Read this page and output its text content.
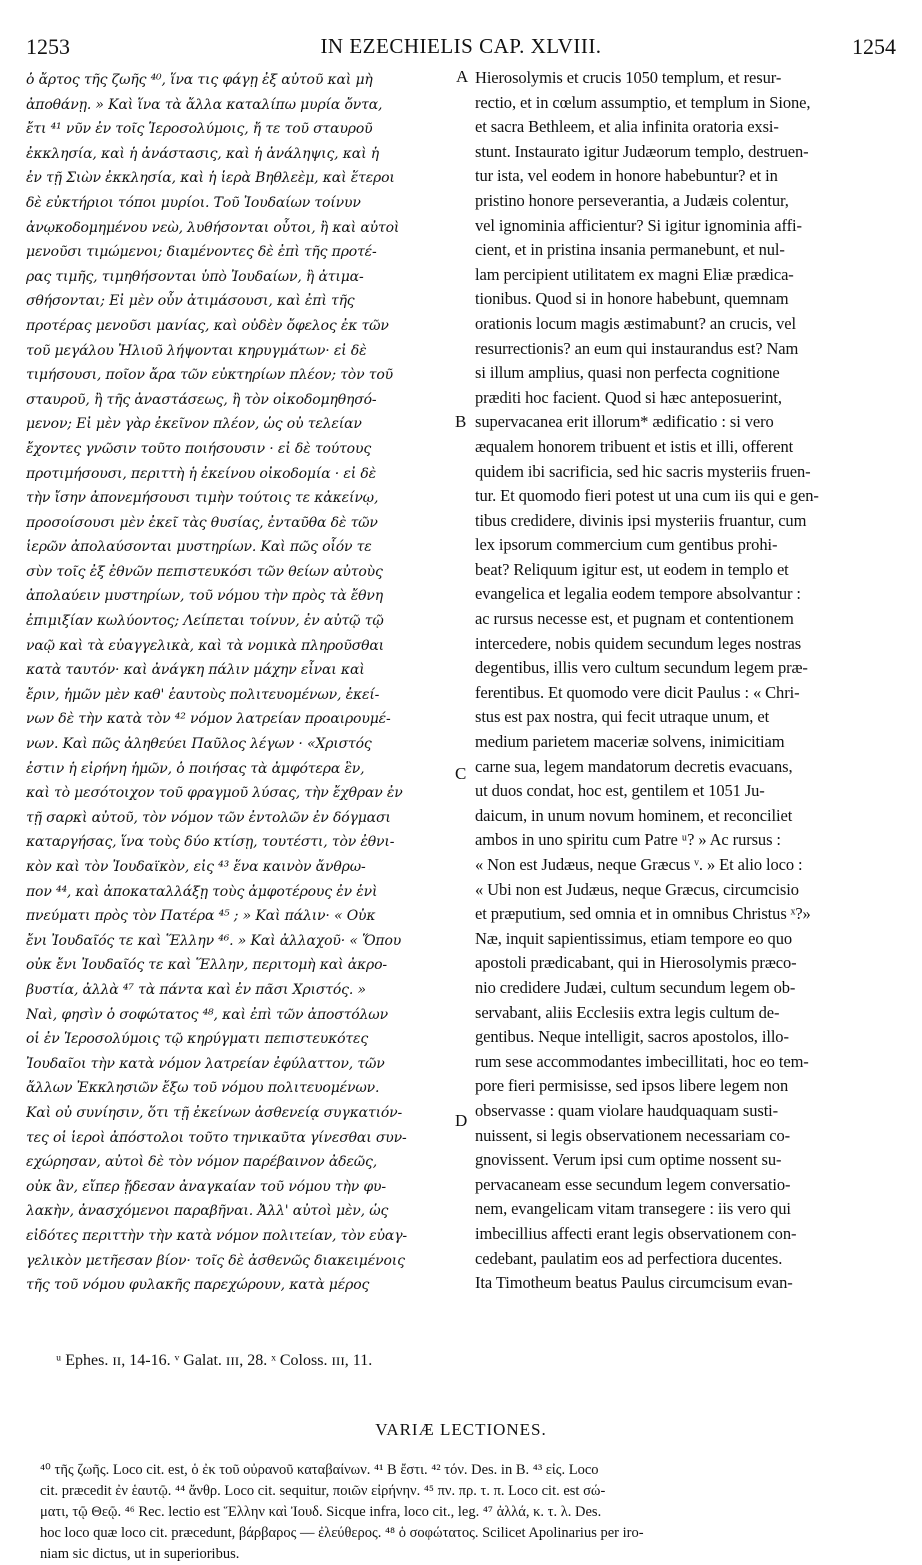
1253	IN EZECHIELIS CAP. XLVIII.	1254
ὁ ἄρτος τῆς ζωῆς ⁴⁰, ἵνα τις φάγῃ ἐξ αὐτοῦ καὶ μὴ
ἀποθάνῃ. » Καὶ ἵνα τὰ ἄλλα καταλίπω μυρία ὄντα,
ἔτι ⁴¹ νῦν ἐν τοῖς Ἱεροσολύμοις, ἤ τε τοῦ σταυροῦ
ἐκκλησία, καὶ ἡ ἀνάστασις, καὶ ἡ ἀνάληψις, καὶ ἡ
ἐν τῇ Σιὼν ἐκκλησία, καὶ ἡ ἱερὰ Βηθλεὲμ, καὶ ἕτεροι
δὲ εὐκτήριοι τόποι μυρίοι. Τοῦ Ἰουδαίων τοίνυν
ἀνῳκοδομημένου νεὼ, λυθήσονται οὗτοι, ἢ καὶ αὐτοὶ
μενοῦσι τιμώμενοι; διαμένοντες δὲ ἐπὶ τῆς προτέ-
ρας τιμῆς, τιμηθήσονται ὑπὸ Ἰουδαίων, ἢ ἀτιμα-
σθήσονται; Εἰ μὲν οὖν ἀτιμάσουσι, καὶ ἐπὶ τῆς
προτέρας μενοῦσι μανίας, καὶ οὐδὲν ὄφελος ἐκ τῶν
τοῦ μεγάλου Ἠλιοῦ λήψονται κηρυγμάτων· εἰ δὲ
τιμήσουσι, ποῖον ἄρα τῶν εὐκτηρίων πλέον; τὸν τοῦ
σταυροῦ, ἢ τῆς ἀναστάσεως, ἢ τὸν οἰκοδομηθησό-
μενον; Εἰ μὲν γὰρ ἐκεῖνον πλέον, ὡς οὐ τελείαν
ἔχοντες γνῶσιν τοῦτο ποιήσουσιν · εἰ δὲ τούτους
προτιμήσουσι, περιττὴ ἡ ἐκείνου οἰκοδομία · εἰ δὲ
τὴν ἴσην ἀπονεμήσουσι τιμὴν τούτοις τε κἀκείνῳ,
προσοίσουσι μὲν ἐκεῖ τὰς θυσίας, ἐνταῦθα δὲ τῶν
ἱερῶν ἀπολαύσονται μυστηρίων. Καὶ πῶς οἷόν τε
σὺν τοῖς ἐξ ἐθνῶν πεπιστευκόσι τῶν θείων αὐτοὺς
ἀπολαύειν μυστηρίων, τοῦ νόμου τὴν πρὸς τὰ ἔθνη
ἐπιμιξίαν κωλύοντος; Λείπεται τοίνυν, ἐν αὐτῷ τῷ
ναῷ καὶ τὰ εὐαγγελικὰ, καὶ τὰ νομικὰ πληροῦσθαι
κατὰ ταυτόν· καὶ ἀνάγκη πάλιν μάχην εἶναι καὶ
ἔριν, ἡμῶν μὲν καθ' ἑαυτοὺς πολιτευομένων, ἐκεί-
νων δὲ τὴν κατὰ τὸν ⁴² νόμον λατρείαν προαιρουμέ-
νων. Καὶ πῶς ἀληθεύει Παῦλος λέγων · «Χριστός
ἐστιν ἡ εἰρήνη ἡμῶν, ὁ ποιήσας τὰ ἀμφότερα ἓν,
καὶ τὸ μεσότοιχον τοῦ φραγμοῦ λύσας, τὴν ἔχθραν ἐν
τῇ σαρκὶ αὐτοῦ, τὸν νόμον τῶν ἐντολῶν ἐν δόγμασι
καταργήσας, ἵνα τοὺς δύο κτίσῃ, τουτέστι, τὸν ἐθνι-
κὸν καὶ τὸν Ἰουδαϊκὸν, εἰς ⁴³ ἕνα καινὸν ἄνθρω-
πον ⁴⁴, καὶ ἀποκαταλλάξῃ τοὺς ἀμφοτέρους ἐν ἑνὶ
πνεύματι πρὸς τὸν Πατέρα ⁴⁵ ; » Καὶ πάλιν· « Οὐκ
ἔνι Ἰουδαῖός τε καὶ Ἕλλην ⁴⁶. » Καὶ ἀλλαχοῦ· « Ὅπου
οὐκ ἔνι Ἰουδαῖός τε καὶ Ἕλλην, περιτομὴ καὶ ἀκρο-
βυστία, ἀλλὰ ⁴⁷ τὰ πάντα καὶ ἐν πᾶσι Χριστός. »
Ναὶ, φησὶν ὁ σοφώτατος ⁴⁸, καὶ ἐπὶ τῶν ἀποστόλων
οἱ ἐν Ἱεροσολύμοις τῷ κηρύγματι πεπιστευκότες
Ἰουδαῖοι τὴν κατὰ νόμον λατρείαν ἐφύλαττον, τῶν
ἄλλων Ἐκκλησιῶν ἔξω τοῦ νόμου πολιτευομένων.
Καὶ οὐ συνίησιν, ὅτι τῇ ἐκείνων ἀσθενείᾳ συγκατιόν-
τες οἱ ἱεροὶ ἀπόστολοι τοῦτο τηνικαῦτα γίνεσθαι συν-
εχώρησαν, αὐτοὶ δὲ τὸν νόμον παρέβαινον ἀδεῶς,
οὐκ ἂν, εἴπερ ᾔδεσαν ἀναγκαίαν τοῦ νόμου τὴν φυ-
λακὴν, ἀνασχόμενοι παραβῆναι. Ἀλλ' αὐτοὶ μὲν, ὡς
εἰδότες περιττὴν τὴν κατὰ νόμον πολιτείαν, τὸν εὐαγ-
γελικὸν μετῆεσαν βίον· τοῖς δὲ ἀσθενῶς διακειμένοις
τῆς τοῦ νόμου φυλακῆς παρεχώρουν, κατὰ μέρος
Hierosolymis et crucis 1050 templum, et resur-
rectio, et in cœlum assumptio, et templum in Sione,
et sacra Bethleem, et alia infinita oratoria exsi-
stunt. Instaurato igitur Judæorum templo, destruen-
tur ista, vel eodem in honore habebuntur? et in
pristino honore perseverantia, a Judæis colentur,
vel ignominia afficientur? Si igitur ignominia affi-
cient, et in pristina insania permanebunt, et nul-
lam percipient utilitatem ex magni Eliæ prædica-
tionibus. Quod si in honore habebunt, quemnam
orationis locum magis æstimabunt? an crucis, vel
resurrectionis? an eum qui instaurandus est? Nam
si illum amplius, quasi non perfecta cognitione
præditi hoc facient. Quod si hæc anteposuerint,
supervacanea erit illorum* ædificatio : si vero
æqualem honorem tribuent et istis et illi, offerent
quidem ibi sacrificia, sed hic sacris mysteriis fruen-
tur. Et quomodo fieri potest ut una cum iis qui e gen-
tibus credidere, divinis ipsi mysteriis fruantur, cum
lex ipsorum commercium cum gentibus prohi-
beat? Reliquum igitur est, ut eodem in templo et
evangelica et legalia eodem tempore absolvantur :
ac rursus necesse est, et pugnam et contentionem
intercedere, nobis quidem secundum leges nostras
degentibus, illis vero cultum secundum legem præ-
ferentibus. Et quomodo vere dicit Paulus : « Chri-
stus est pax nostra, qui fecit utraque unum, et
medium parietem maceriæ solvens, inimicitiam
carne sua, legem mandatorum decretis evacuans,
ut duos condat, hoc est, gentilem et 1051 Ju-
daicum, in unum novum hominem, et reconciliet
ambos in uno spiritu cum Patre ᵘ? » Ac rursus :
« Non est Judæus, neque Græcus ᵛ. » Et alio loco :
« Ubi non est Judæus, neque Græcus, circumcisio
et præputium, sed omnia et in omnibus Christus ˣ?»
Næ, inquit sapientissimus, etiam tempore eo quo
apostoli prædicabant, qui in Hierosolymis præco-
nio credidere Judæi, cultum secundum legem ob-
servabant, aliis Ecclesiis extra legis cultum de-
gentibus. Neque intelligit, sacros apostolos, illo-
rum sese accommodantes imbecillitati, hoc eo tem-
pore fieri permisisse, sed ipsos libere legem non
observasse : quam violare haudquaquam susti-
nuissent, si legis observationem necessariam co-
gnovissent. Verum ipsi cum optime nossent su-
pervacaneam esse secundum legem conversatio-
nem, evangelicam vitam transegere : iis vero qui
imbecillius affecti erant legis observationem con-
cedebant, paulatim eos ad perfectiora ducentes.
Ita Timotheum beatus Paulus circumcisum evan-
A
B
C
D
ᵘ Ephes. ɪɪ, 14-16. ᵛ Galat. ɪɪɪ, 28. ˣ Coloss. ɪɪɪ, 11.
VARIÆ LECTIONES.
⁴⁰ τῆς ζωῆς. Loco cit. est, ὁ ἐκ τοῦ οὐρανοῦ καταβαίνων. ⁴¹ B ἔστι. ⁴² τόν. Des. in B. ⁴³ εἰς. Loco
cit. præcedit ἐν ἑαυτῷ. ⁴⁴ ἄνθρ. Loco cit. sequitur, ποιῶν εἰρήνην. ⁴⁵ πν. πρ. τ. π. Loco cit. est σώ-
ματι, τῷ Θεῷ. ⁴⁶ Rec. lectio est Ἕλλην καὶ Ἰουδ. Sicque infra, loco cit., leg. ⁴⁷ ἀλλά, κ. τ. λ. Des.
hoc loco quæ loco cit. præcedunt, βάρβαρος — ἐλεύθερος. ⁴⁸ ὁ σοφώτατος. Scilicet Apolinarius per iro-
niam sic dictus, ut in superioribus.
